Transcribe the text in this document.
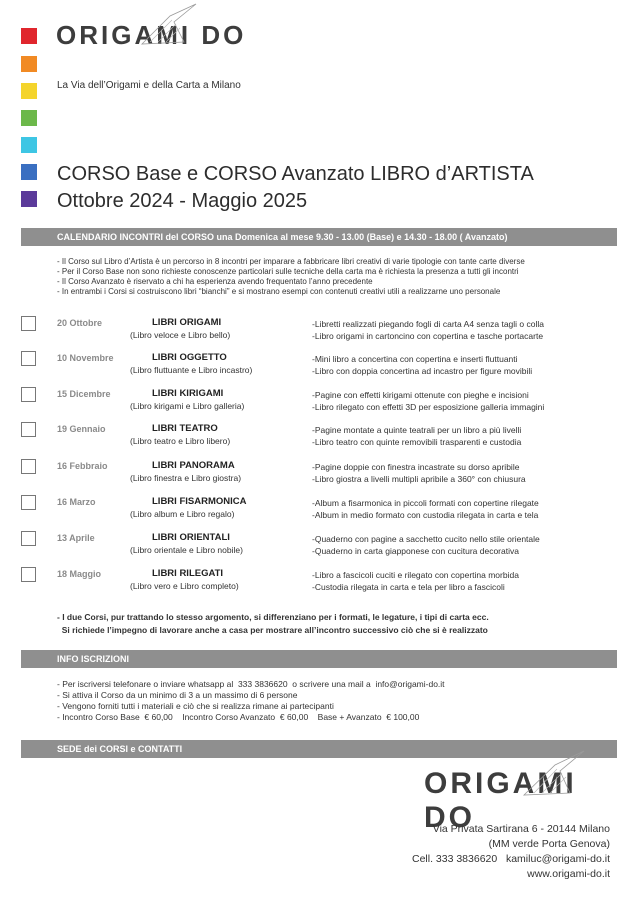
ORIGAMI DO
La Via dell’Origami e della Carta a Milano
CORSO Base e CORSO Avanzato LIBRO d’ARTISTA
Ottobre 2024 - Maggio 2025
CALENDARIO INCONTRI del CORSO una Domenica al mese 9.30 - 13.00 (Base) e 14.30 - 18.00 ( Avanzato)
- Il Corso sul Libro d’Artista è un percorso in 8 incontri per imparare a fabbricare libri creativi di varie tipologie con tante carte diverse
- Per il Corso Base non sono richieste conoscenze particolari sulle tecniche della carta ma è richiesta la presenza a tutti gli incontri
- Il Corso Avanzato è riservato a chi ha esperienza avendo frequentato l’anno precedente
- In entrambi i Corsi si costruiscono libri “bianchi” e si mostrano esempi con contenuti creativi utili a realizzarne uno personale
20 Ottobre	LIBRI ORIGAMI
(Libro veloce e Libro bello)
-Libretti realizzati piegando fogli di carta A4 senza tagli o colla
-Libro origami in cartoncino con copertina e tasche portacarte
10 Novembre	LIBRI OGGETTO
(Libro fluttuante e Libro incastro)
-Mini libro a concertina con copertina e inserti fluttuanti
-Libro con doppia concertina ad incastro per figure movibili
15 Dicembre	LIBRI KIRIGAMI
(Libro kirigami e Libro galleria)
-Pagine con effetti kirigami ottenute con pieghe e incisioni
-Libro rilegato con effetti 3D per esposizione galleria immagini
19 Gennaio	LIBRI TEATRO
(Libro teatro e Libro libero)
-Pagine montate a quinte teatrali per un libro a più livelli
-Libro teatro con quinte removibili trasparenti e custodia
16 Febbraio	LIBRI PANORAMA
(Libro finestra e Libro giostra)
-Pagine doppie con finestra incastrate su dorso apribile
-Libro giostra a livelli multipli apribile a 360° con chiusura
16 Marzo	LIBRI FISARMONICA
(Libro album e Libro regalo)
-Album a fisarmonica in piccoli formati con copertine rilegate
-Album in medio formato con custodia rilegata in carta e tela
13 Aprile	LIBRI ORIENTALI
(Libro orientale e Libro nobile)
-Quaderno con pagine a sacchetto cucito nello stile orientale
-Quaderno in carta giapponese con cucitura decorativa
18 Maggio	LIBRI RILEGATI
(Libro vero e Libro completo)
-Libro a fascicoli cuciti e rilegato con copertina morbida
-Custodia rilegata in carta e tela per libro a fascicoli
- I due Corsi, pur trattando lo stesso argomento, si differenziano per i formati, le legature, i tipi di carta ecc.
Si richiede l’impegno di lavorare anche a casa per mostrare all’incontro successivo ciò che si è realizzato
INFO ISCRIZIONI
- Per iscriversi telefonare o inviare whatsapp al  333 3836620  o scrivere una mail a  info@origami-do.it
- Si attiva il Corso da un minimo di 3 a un massimo di 6 persone
- Vengono forniti tutti i materiali e ciò che si realizza rimane ai partecipanti
- Incontro Corso Base  € 60,00    Incontro Corso Avanzato  € 60,00    Base + Avanzato  € 100,00
SEDE dei CORSI e CONTATTI
ORIGAMI DO
Via Privata Sartirana 6 - 20144 Milano
(MM verde Porta Genova)
Cell. 333 3836620   kamiluc@origami-do.it
www.origami-do.it
